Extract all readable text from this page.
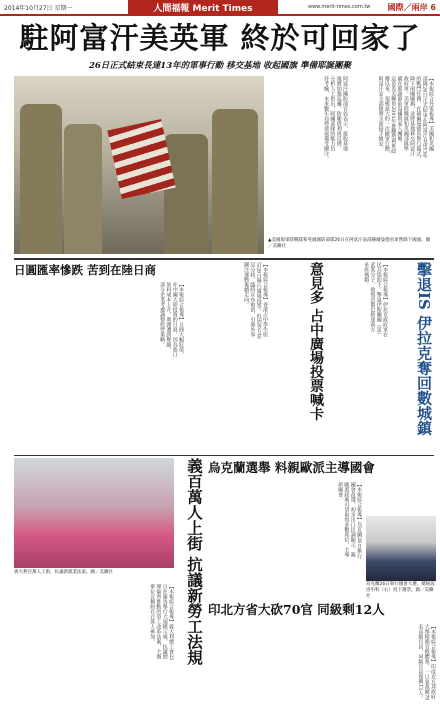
2014年10月27日 星期一	人間福報 Merit Times	www.merit-times.com.tw	國際／兩岸 6
駐阿富汗美英軍 終於可回家了
26日正式結束長達13年的軍事行動 移交基地 收起國旗 準備耶誕團聚
▲美國海軍陸戰隊和英國國防部隊26日在阿富汗南部赫爾曼德省軍營降下國旗。圖／美聯社
阿富汗國防部官員表示，接收基地
後將加強巡邏，防範塔利班反撲。
分析人士指出，阿國部隊的能力仍
待考驗，未來數年局勢發展備受關注。	【本報綜合外電報導】美國和英國
部隊26日正式結束在阿富汗長達13年
的戰鬥任務，在赫爾曼德省舉行儀式，
降下兩國國旗，並將基地移交阿富汗
政府軍。美軍陸戰隊和英國部隊準
備在耶誕節前返國與家人團聚。
這是英美聯軍2001年推翻塔利班政
權以來，規模最大的一次撤軍行動，
阿富汗安全部隊將全面接手維安。
日圓匯率慘跌 苦到在陸日商
【本報綜合報導】日圓大幅貶值，
在中國大陸投資的日商，因為進口
原料成本上升，利潤遭到壓縮，
部分企業考慮調整經營策略。	【本報綜合報導】香港占中學生原
訂26日舉行廣場投票，但因各方意
見分歧，臨時宣布取消，引發外界
關注運動後續走向。	意見多 占中廣場投票喊卡	擊退IS 伊拉克奪回數城鎮
【本報綜合報導】伊拉克政府軍在
民兵協助下，擊退伊斯蘭國（IS）
武裝分子，收復首都巴格達南方
多座城鎮。
義大利百萬人上街，抗議新就業法案。圖／美聯社	義百萬人上街 抗議新勞工法規
【本報綜合報導】義大利總工會25
日在羅馬舉行大規模示威，抗議總
理倫齊推動的勞工改革法案，主辦
單位宣稱約有百萬人參加。
烏克蘭選舉 料親歐派主導國會
【本報綜合報導】烏克蘭26日舉行
國會改選，初步出口民調顯示，親
歐派政黨可望取得多數席位，主導
新國會。
烏克蘭26日舉行國會大選，總統波洛申科（右）投下選票。圖／美聯社
印北方省大砍70官 同級剩12人
【本報綜合報導】印度北方邦政府
大舉精簡官僚體系，一口氣裁撤70
名高級官員，同級官員僅剩12人。
